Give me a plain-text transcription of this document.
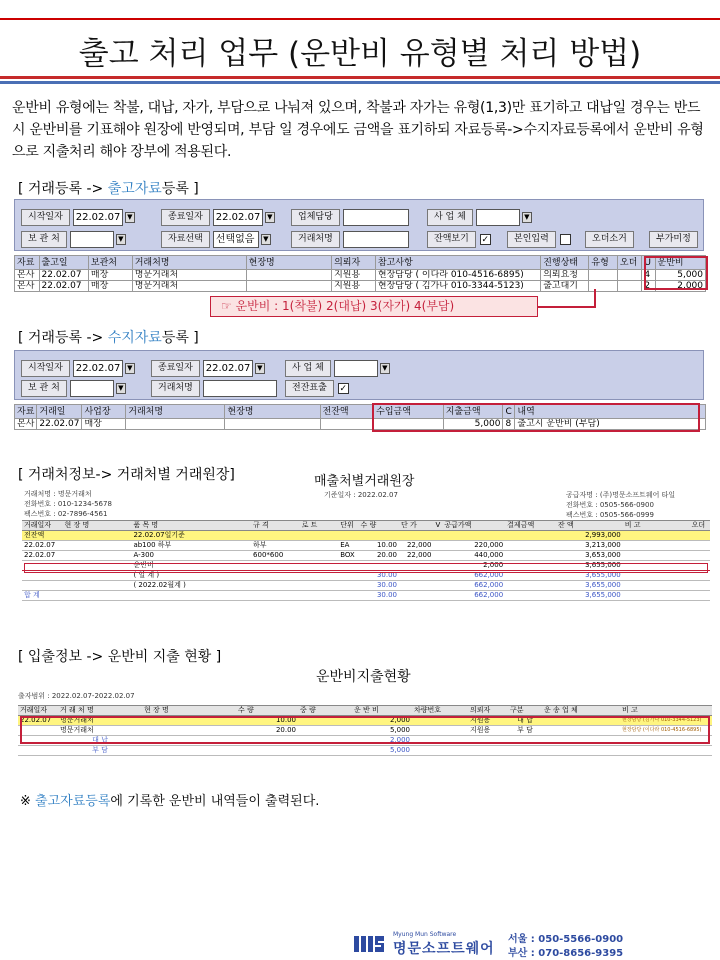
출고 처리 업무 (운반비 유형별 처리 방법)
운반비 유형에는 착불, 대납, 자가, 부담으로 나눠져 있으며, 착불과 자가는 유형(1,3)만 표기하고 대납일 경우는 반드시 운반비를 기표해야 원장에 반영되며, 부담 일 경우에도 금액을 표기하되 자료등록->수지자료등록에서 운반비 유형으로 지출처리 해야 장부에 적용된다.
[ 거래등록 -> 출고자료등록 ]
시작일자	22.02.07 ▼	종료일자	22.02.07 ▼	업체담당	사 업 체	▼
보 관 처	▼	자료선택	선택없음	▼	거래처명	잔액보기	✓	본인입력	오더소거	부가미정
자료	출고일	보관처	거래처명	현장명	의뢰자	참고사항	진행상태	유형	오더	U	운반비
본사	22.02.07	매장	명문거래처		지원용	현장담당 ( 이다라 010-4516-6895)	의뢰요청			4	5,000
본사	22.02.07	매장	명문거래처		지원용	현장담당 ( 김가나 010-3344-5123)	출고대기			2	2,000
☞ 운반비 : 1(착불) 2(대납) 3(자가) 4(부담)
[ 거래등록 -> 수지자료등록 ]
시작일자	22.02.07 ▼	종료일자	22.02.07 ▼	사 업 체	▼
보 관 처	▼	거래처명	전잔표출	✓
자료	거래일	사업장	거래처명	현장명	전잔액	수입금액	지출금액	C	내역
본사	22.02.07	매장					5,000	8	출고시 운반비 (부담)
[ 거래처정보-> 거래처별 거래원장]	매출처별거래원장
거래처명 : 명문거래처
전화번호 : 010-1234-5678
팩스번호 : 02-7896-4561
기준일자 : 2022.02.07	공급자명 : (주)명문소프트웨어 타일
전화번호 : 0505-566-0900
팩스번호 : 0505-566-0999
거래일자	현 장 명	품 목 명	규 격	로 트	단위	수 량	단 가	V	공급가액	결제금액	잔 액	비 고	오더
전잔액		22.02.07일기준									2,993,000		
22.02.07		ab100 하부	하부		EA	10.00	22,000		220,000		3,213,000		
22.02.07		A-300	600*600		BOX	20.00	22,000		440,000		3,653,000		
		운반비							2,000		3,655,000		
		( 일 계 )				30.00			662,000		3,655,000		
		( 2022.02월계 )				30.00			662,000		3,655,000		
합 계						30.00			662,000		3,655,000		
[ 입출정보 -> 운반비 지출 현황 ]
운반비지출현황
출자범위 : 2022.02.07-2022.02.07
거래일자	거 래 처 명	현 장 명	수 량	중 량	운 반 비	차량번호	의뢰자	구분	운 송 업 체	비 고
22.02.07	명문거래처		10.00		2,000		지원용	대 납		현장담당 (김가나 010-3344-5123)
	명문거래처		20.00		5,000		지원용	부 담		현장담당 (이다라 010-4516-6895)
	대 납				2,000					
	부 담				5,000					
※ 출고자료등록에 기록한 운반비 내역들이 출력된다.
Myung Mun Software
명문소프트웨어
서울 : 050-5566-0900
부산 : 070-8656-9395
